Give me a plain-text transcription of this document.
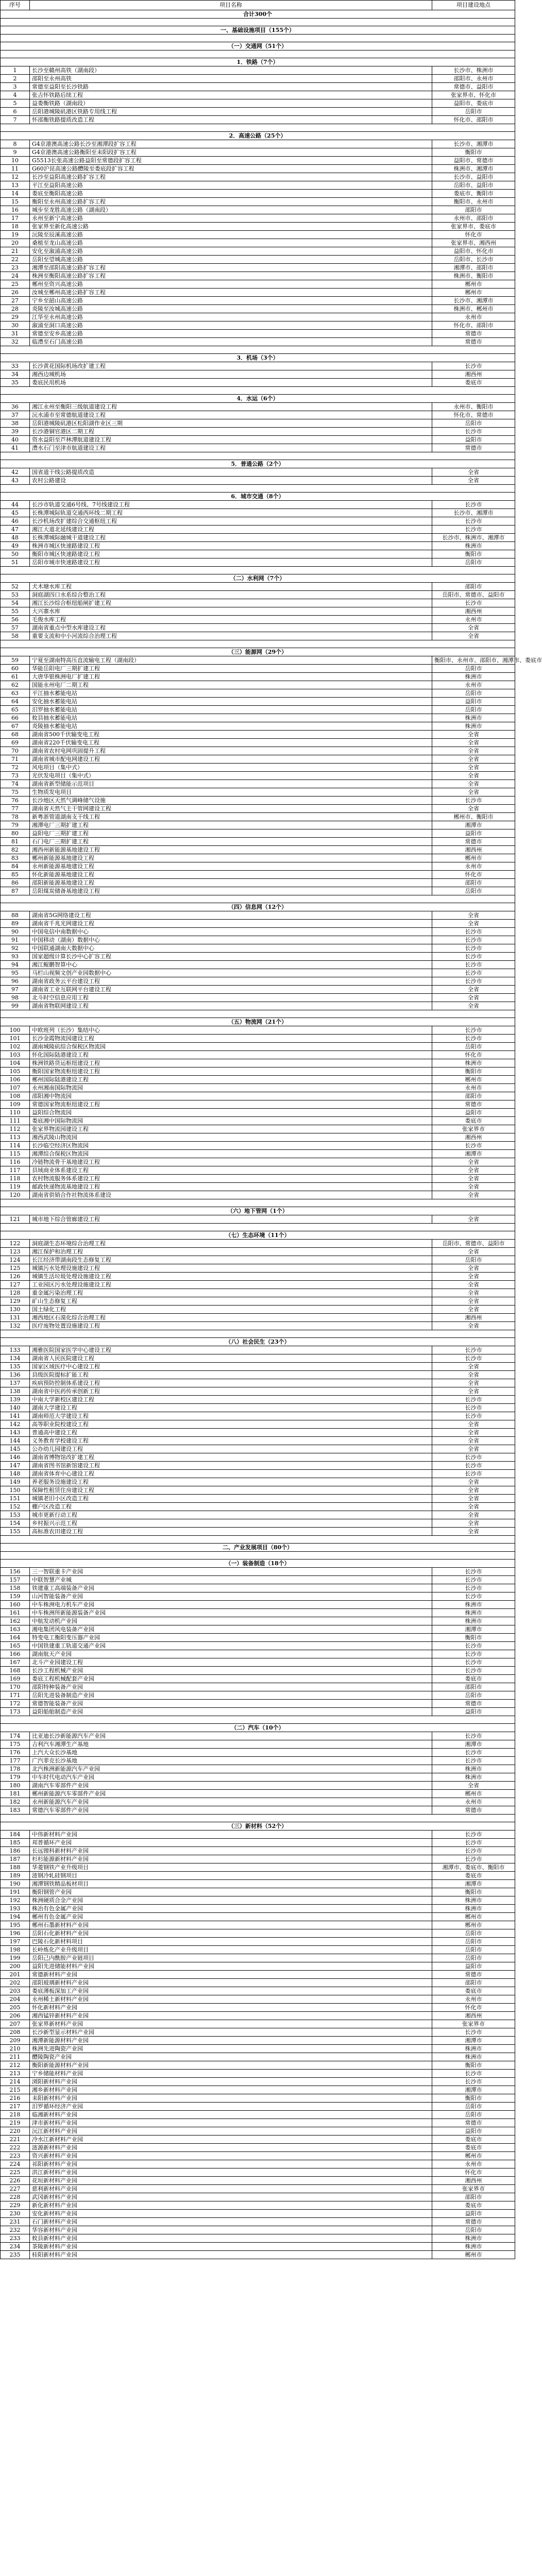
序号	项目名称	项目建设地点
合计300个		

一、基础设施项目（155个）		

（一）交通网（51个）		

1．铁路（7个）		
1	长沙至赣州高铁（湖南段）	长沙市、株洲市
2	邵阳至永州高铁	邵阳市、永州市
3	常德至益阳至长沙铁路	常德市、益阳市
4	张吉怀铁路后续工程	张家界市、怀化市
5	益娄衡铁路（湖南段）	益阳市、娄底市
6	岳阳港城陵矶港区铁路专用线工程	岳阳市
7	怀邵衡铁路提质改造工程	怀化市、邵阳市

2．高速公路（25个）		
8	G4京港澳高速公路长沙至湘潭段扩容工程	长沙市、湘潭市
9	G4京港澳高速公路衡阳至耒阳段扩容工程	衡阳市
10	G5513长张高速公路益阳至常德段扩容工程	益阳市、常德市
11	G60沪昆高速公路醴陵至娄底段扩容工程	株洲市、湘潭市
12	长沙至益阳高速公路扩容工程	长沙市、益阳市
13	平江至益阳高速公路	岳阳市、益阳市
14	娄底至衡阳高速公路	娄底市、衡阳市
15	衡阳至永州高速公路扩容工程	衡阳市、永州市
16	城步至龙胜高速公路（湖南段）	邵阳市
17	永州至新宁高速公路	永州市、邵阳市
18	张家界至新化高速公路	张家界市、娄底市
19	沅陵至辰溪高速公路	怀化市
20	桑植至龙山高速公路	张家界市、湘西州
21	安化至溆浦高速公路	益阳市、怀化市
22	岳阳至望城高速公路	岳阳市、长沙市
23	湘潭至邵阳高速公路扩容工程	湘潭市、邵阳市
24	株洲至衡阳高速公路扩容工程	株洲市、衡阳市
25	郴州至资兴高速公路	郴州市
26	汝城至郴州高速公路扩容工程	郴州市
27	宁乡至韶山高速公路	长沙市、湘潭市
28	炎陵至汝城高速公路	株洲市、郴州市
29	江华至永州高速公路	永州市
30	溆浦至洞口高速公路	怀化市、邵阳市
31	常德至安乡高速公路	常德市
32	临澧至石门高速公路	常德市

3．机场（3个）		
33	长沙黄花国际机场改扩建工程	长沙市
34	湘西边城机场	湘西州
35	娄底民用机场	娄底市

4．水运（6个）		
36	湘江永州至衡阳三级航道建设工程	永州市、衡阳市
37	沅水浦市至常德航道建设工程	怀化市、常德市
38	岳阳港城陵矶港区松阳湖作业区三期	岳阳市
39	长沙港铜官港区二期工程	长沙市
40	资水益阳至芦林潭航道建设工程	益阳市
41	澧水石门至津市航道建设工程	常德市

5．普通公路（2个）		
42	国省道干线公路提质改造	全省
43	农村公路建设	全省

6．城市交通（8个）		
44	长沙市轨道交通6号线、7号线建设工程	长沙市
45	长株潭城际轨道交通西环线二期工程	长沙市、湘潭市
46	长沙机场改扩建综合交通枢纽工程	长沙市
47	湘江大道北延线建设工程	长沙市
48	长株潭城际融城干道建设工程	长沙市、株洲市、湘潭市
49	株洲市城区快速路建设工程	株洲市
50	衡阳市城区快速路建设工程	衡阳市
51	岳阳市城市快速路建设工程	岳阳市

（二）水利网（7个）		
52	犬木塘水库工程	邵阳市
53	洞庭湖四口水系综合整治工程	岳阳市、常德市、益阳市
54	湘江长沙综合枢纽船闸扩建工程	长沙市
55	大兴寨水库	湘西州
56	毛俊水库工程	永州市
57	湖南省重点中型水库建设工程	全省
58	重要支流和中小河流综合治理工程	全省

（三）能源网（29个）		
59	宁夏至湖南特高压直流输电工程（湖南段）	衡阳市、永州市、邵阳市、湘潭市、娄底市
60	华能岳阳电厂三期扩建工程	岳阳市
61	大唐华银株洲电厂扩建工程	株洲市
62	国能永州电厂二期工程	永州市
63	平江抽水蓄能电站	岳阳市
64	安化抽水蓄能电站	益阳市
65	汨罗抽水蓄能电站	岳阳市
66	攸县抽水蓄能电站	株洲市
67	炎陵抽水蓄能电站	株洲市
68	湖南省500千伏输变电工程	全省
69	湖南省220千伏输变电工程	全省
70	湖南省农村电网巩固提升工程	全省
71	湖南省城市配电网建设工程	全省
72	风电项目（集中式）	全省
73	光伏发电项目（集中式）	全省
74	湖南省新型储能示范项目	全省
75	生物质发电项目	全省
76	长沙地区天然气调峰储气设施	长沙市
77	湖南省天然气主干管网建设工程	全省
78	新粤浙管道湖南支干线工程	郴州市、衡阳市
79	湘潭电厂三期扩建工程	湘潭市
80	益阳电厂三期扩建工程	益阳市
81	石门电厂三期扩建工程	常德市
82	湘西州新能源基地建设工程	湘西州
83	郴州新能源基地建设工程	郴州市
84	永州新能源基地建设工程	永州市
85	怀化新能源基地建设工程	怀化市
86	邵阳新能源基地建设工程	邵阳市
87	岳阳煤炭储备基地建设工程	岳阳市

（四）信息网（12个）		
88	湖南省5G网络建设工程	全省
89	湖南省千兆光网建设工程	全省
90	中国电信中南数据中心	长沙市
91	中国移动（湖南）数据中心	长沙市
92	中国联通湖南大数据中心	长沙市
93	国家超级计算长沙中心扩容工程	长沙市
94	湘江鲲鹏智算中心	长沙市
95	马栏山视频文创产业园数据中心	长沙市
96	湖南省政务云平台建设工程	长沙市
97	湖南省工业互联网平台建设工程	全省
98	北斗时空信息应用工程	全省
99	湖南省物联网建设工程	全省

（五）物流网（21个）		
100	中欧班列（长沙）集结中心	长沙市
101	长沙金霞物流园建设工程	长沙市
102	湖南城陵矶综合保税区物流园	岳阳市
103	怀化国际陆港建设工程	怀化市
104	株洲铁路货运枢纽建设工程	株洲市
105	衡阳国家物流枢纽建设工程	衡阳市
106	郴州国际陆港建设工程	郴州市
107	永州湘南国际物流园	永州市
108	邵阳湘中物流园	邵阳市
109	常德国家物流枢纽建设工程	常德市
110	益阳综合物流园	益阳市
111	娄底湘中国际物流园	娄底市
112	张家界物流园建设工程	张家界市
113	湘西武陵山物流园	湘西州
114	长沙临空经济区物流园	长沙市
115	湘潭综合保税区物流园	湘潭市
116	冷链物流骨干基地建设工程	全省
117	县域商业体系建设工程	全省
118	农村物流服务体系建设工程	全省
119	邮政快递物流基地建设工程	全省
120	湖南省供销合作社物流体系建设	全省

（六）地下管网（1个）		
121	城市地下综合管廊建设工程	全省

（七）生态环境（11个）		
122	洞庭湖生态环境综合治理工程	岳阳市、常德市、益阳市
123	湘江保护和治理工程	全省
124	长江经济带湖南段生态修复工程	岳阳市
125	城镇污水处理设施建设工程	全省
126	城镇生活垃圾处理设施建设工程	全省
127	工业园区污水处理设施建设工程	全省
128	重金属污染治理工程	全省
129	矿山生态修复工程	全省
130	国土绿化工程	全省
131	湘西地区石漠化综合治理工程	湘西州
132	医疗废物处置设施建设工程	全省

（八）社会民生（23个）		
133	湘雅医院国家医学中心建设工程	长沙市
134	湖南省人民医院建设工程	长沙市
135	国家区域医疗中心建设工程	全省
136	县级医院提标扩能工程	全省
137	疾病预防控制体系建设工程	全省
138	湖南省中医药传承创新工程	全省
139	中南大学新校区建设工程	长沙市
140	湖南大学建设工程	长沙市
141	湖南师范大学建设工程	长沙市
142	高等职业院校建设工程	全省
143	普通高中建设工程	全省
144	义务教育学校建设工程	全省
145	公办幼儿园建设工程	全省
146	湖南省博物馆改扩建工程	长沙市
147	湖南省图书馆新馆建设工程	长沙市
148	湖南省体育中心建设工程	长沙市
149	养老服务设施建设工程	全省
150	保障性租赁住房建设工程	全省
151	城镇老旧小区改造工程	全省
152	棚户区改造工程	全省
153	城市更新行动工程	全省
154	乡村振兴示范工程	全省
155	高标准农田建设工程	全省

二、产业发展项目（80个）		

（一）装备制造（18个）		
156	三一智联重卡产业园	长沙市
157	中联智慧产业城	长沙市
158	铁建重工高端装备产业园	长沙市
159	山河智能装备产业园	长沙市
160	中车株洲电力机车产业园	株洲市
161	中车株洲所新能源装备产业园	株洲市
162	中航发动机产业园	株洲市
163	湘电集团风电装备产业园	湘潭市
164	特变电工衡阳变压器产业园	衡阳市
165	中国铁建重工轨道交通产业园	长沙市
166	湖南航天产业园	长沙市
167	北斗产业园建设工程	长沙市
168	长沙工程机械产业园	长沙市
169	娄底工程机械配套产业园	娄底市
170	邵阳特种装备产业园	邵阳市
171	岳阳先进装备制造产业园	岳阳市
172	常德智能装备产业园	常德市
173	益阳船舶制造产业园	益阳市

（二）汽车（10个）		
174	比亚迪长沙新能源汽车产业园	长沙市
175	吉利汽车湘潭生产基地	湘潭市
176	上汽大众长沙基地	长沙市
177	广汽菲克长沙基地	长沙市
178	北汽株洲新能源汽车产业园	株洲市
179	中车时代电动汽车产业园	株洲市
180	湖南汽车零部件产业园	全省
181	郴州新能源汽车零部件产业园	郴州市
182	永州新能源汽车产业园	永州市
183	常德汽车零部件产业园	常德市

（三）新材料（52个）		
184	中伟新材料产业园	长沙市
185	邦普循环产业园	长沙市
186	长远锂科新材料产业园	长沙市
187	杉杉能源新材料产业园	长沙市
188	华菱钢铁产业升级项目	湘潭市、娄底市、衡阳市
189	涟钢冷轧硅钢项目	娄底市
190	湘潭钢铁精品板材项目	湘潭市
191	衡阳钢管产业园	衡阳市
192	株洲硬质合金产业园	株洲市
193	株冶有色金属产业园	株洲市
194	郴州有色金属产业园	郴州市
195	郴州石墨新材料产业园	郴州市
196	岳阳石化新材料产业园	岳阳市
197	巴陵石化新材料项目	岳阳市
198	长岭炼化产业升级项目	岳阳市
199	岳阳己内酰胺产业链项目	岳阳市
200	益阳先进储能材料产业园	益阳市
201	常德新材料产业园	常德市
202	邵阳玻璃新材料产业园	邵阳市
203	娄底薄板深加工产业园	娄底市
204	永州稀土新材料产业园	永州市
205	怀化新材料产业园	怀化市
206	湘西锰锌新材料产业园	湘西州
207	张家界新材料产业园	张家界市
208	长沙新型显示材料产业园	长沙市
209	湘潭新能源材料产业园	湘潭市
210	株洲先进陶瓷产业园	株洲市
211	醴陵陶瓷产业园	株洲市
212	衡阳新能源材料产业园	衡阳市
213	宁乡储能材料产业园	长沙市
214	浏阳新材料产业园	长沙市
215	湘乡新材料产业园	湘潭市
216	耒阳新材料产业园	衡阳市
217	汨罗循环经济产业园	岳阳市
218	临湘新材料产业园	岳阳市
219	津市新材料产业园	常德市
220	沅江新材料产业园	益阳市
221	冷水江新材料产业园	娄底市
222	涟源新材料产业园	娄底市
223	资兴新材料产业园	郴州市
224	祁阳新材料产业园	永州市
225	洪江新材料产业园	怀化市
226	花垣新材料产业园	湘西州
227	慈利新材料产业园	张家界市
228	武冈新材料产业园	邵阳市
229	新化新材料产业园	娄底市
230	安化新材料产业园	益阳市
231	石门新材料产业园	常德市
232	华容新材料产业园	岳阳市
233	攸县新材料产业园	株洲市
234	茶陵新材料产业园	株洲市
235	桂阳新材料产业园	郴州市
